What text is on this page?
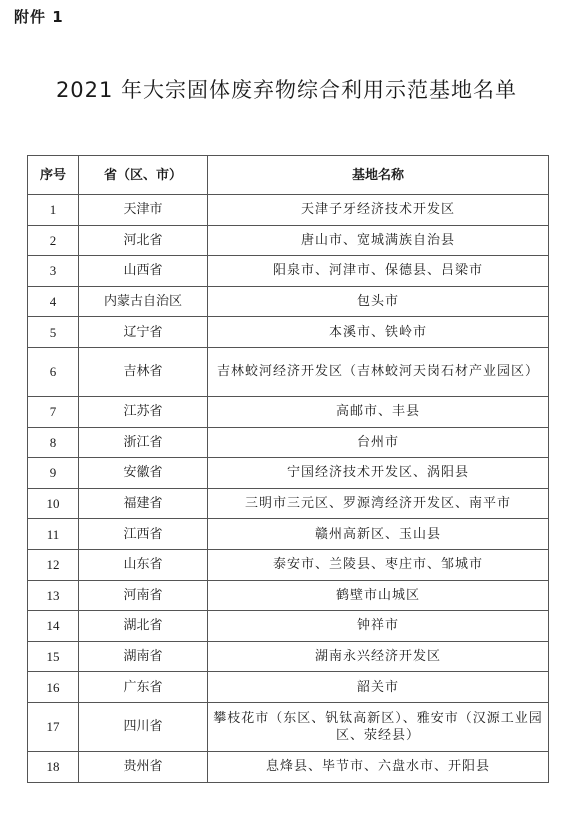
附件 1
2021 年大宗固体废弃物综合利用示范基地名单
序号	省（区、市）	基地名称
1	天津市	天津子牙经济技术开发区
2	河北省	唐山市、宽城满族自治县
3	山西省	阳泉市、河津市、保德县、吕梁市
4	内蒙古自治区	包头市
5	辽宁省	本溪市、铁岭市
6	吉林省	吉林蛟河经济开发区（吉林蛟河天岗石材产业园区）
7	江苏省	高邮市、丰县
8	浙江省	台州市
9	安徽省	宁国经济技术开发区、涡阳县
10	福建省	三明市三元区、罗源湾经济开发区、南平市
11	江西省	赣州高新区、玉山县
12	山东省	泰安市、兰陵县、枣庄市、邹城市
13	河南省	鹤壁市山城区
14	湖北省	钟祥市
15	湖南省	湖南永兴经济开发区
16	广东省	韶关市
17	四川省	攀枝花市（东区、钒钛高新区）、雅安市（汉源工业园区、荥经县）
18	贵州省	息烽县、毕节市、六盘水市、开阳县
